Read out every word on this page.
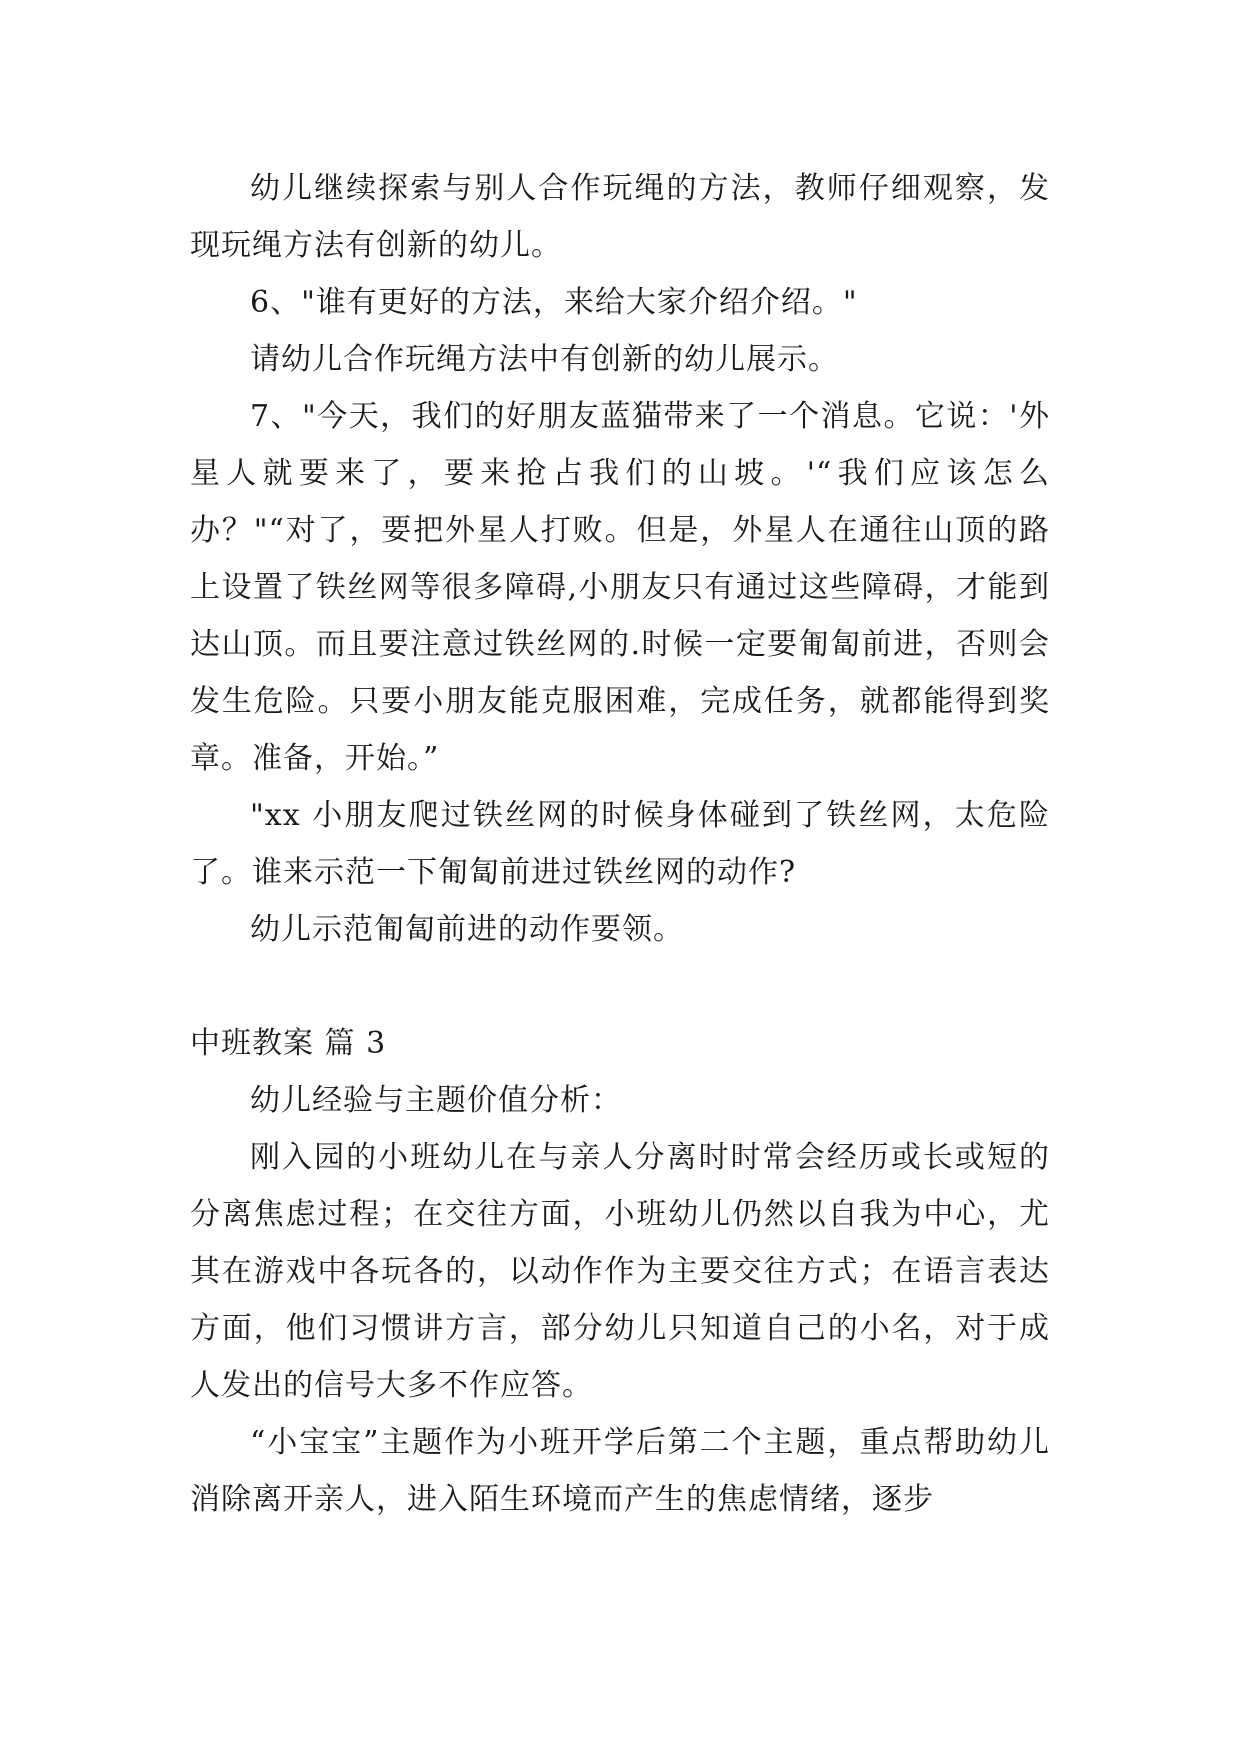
幼儿继续探索与别人合作玩绳的方法，教师仔细观察，发现玩绳方法有创新的幼儿。

6、"谁有更好的方法，来给大家介绍介绍。"

请幼儿合作玩绳方法中有创新的幼儿展示。

7、"今天，我们的好朋友蓝猫带来了一个消息。它说：'外星人就要来了，要来抢占我们的山坡。'“我们应该怎么办？"“对了，要把外星人打败。但是，外星人在通往山顶的路上设置了铁丝网等很多障碍,小朋友只有通过这些障碍，才能到达山顶。而且要注意过铁丝网的.时候一定要匍匐前进，否则会发生危险。只要小朋友能克服困难，完成任务，就都能得到奖章。准备，开始。”

"xx 小朋友爬过铁丝网的时候身体碰到了铁丝网，太危险了。谁来示范一下匍匐前进过铁丝网的动作?

幼儿示范匍匐前进的动作要领。

中班教案 篇 3

幼儿经验与主题价值分析：

刚入园的小班幼儿在与亲人分离时时常会经历或长或短的分离焦虑过程；在交往方面，小班幼儿仍然以自我为中心，尤其在游戏中各玩各的，以动作作为主要交往方式；在语言表达方面，他们习惯讲方言，部分幼儿只知道自己的小名，对于成人发出的信号大多不作应答。

“小宝宝”主题作为小班开学后第二个主题，重点帮助幼儿消除离开亲人，进入陌生环境而产生的焦虑情绪，逐步
